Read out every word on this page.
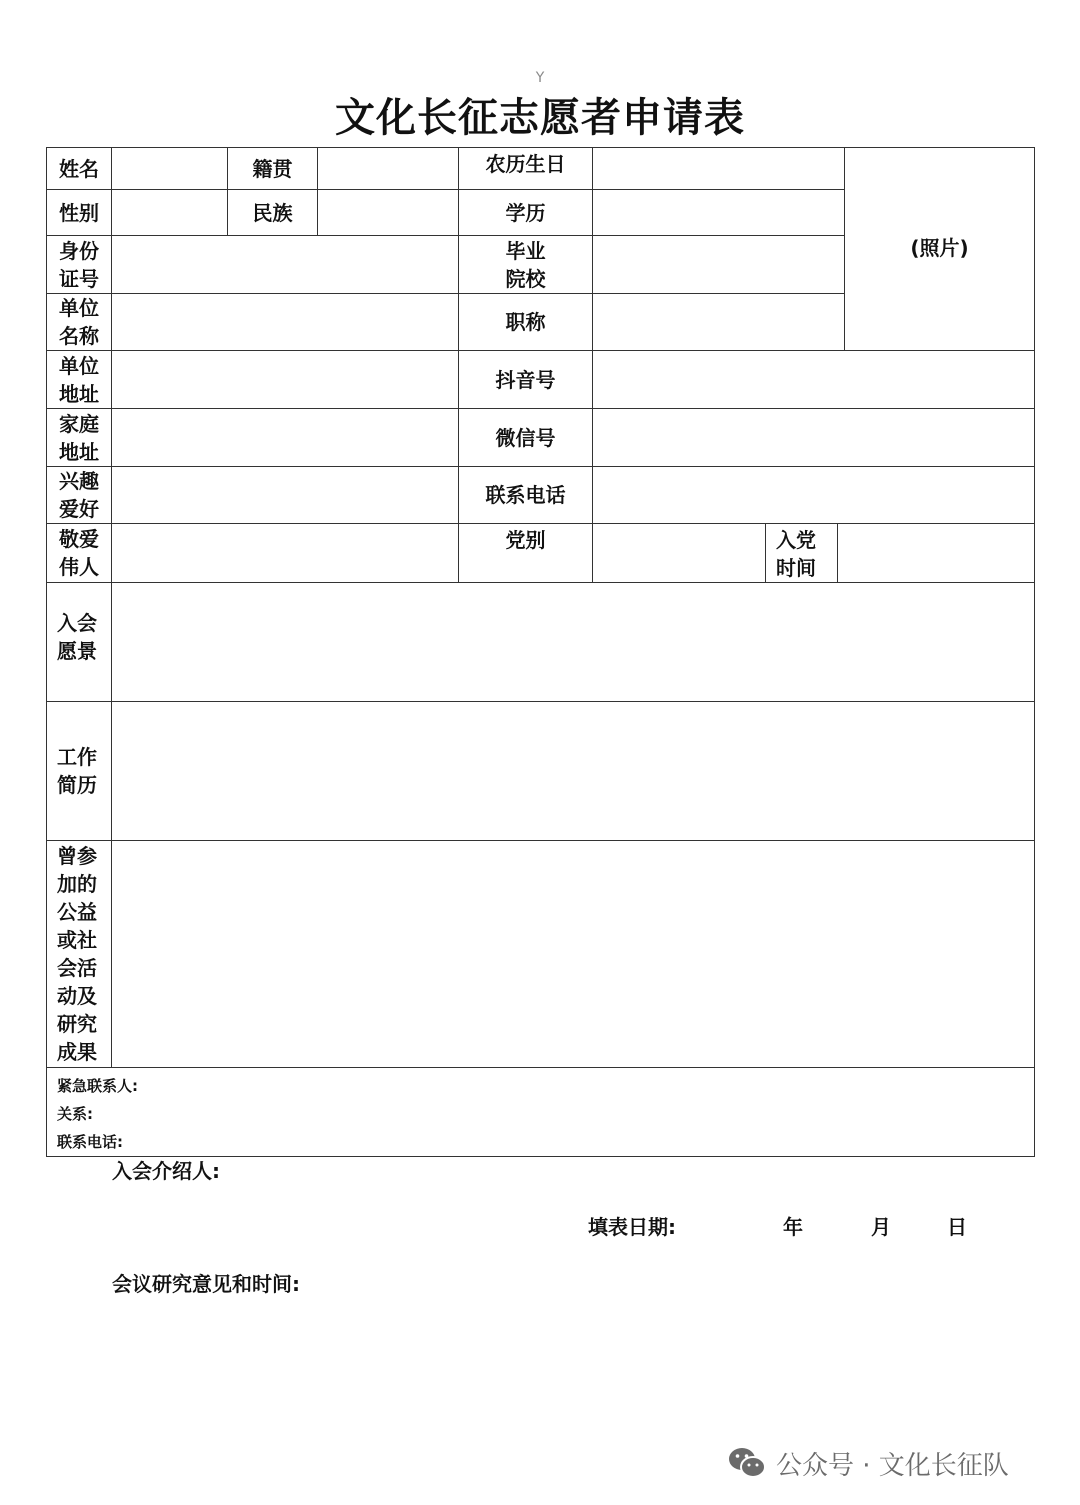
Y
文化长征志愿者申请表
姓名		籍贯		农历生日				(照片)
性别		民族		学历				

身份证号				毕业院校				

单位名称				职称				

单位地址				抖音号				

家庭地址				微信号				

兴趣爱好				联系电话				

敬爱伟人				党别		入党时间		

入会愿景								

工作简历								

曾参加的公益或社会活动及研究成果								

紧急联系人:
关系:
联系电话:								
入会介绍人:
填表日期:	年	月	日
会议研究意见和时间:
公众号 · 文化长征队
